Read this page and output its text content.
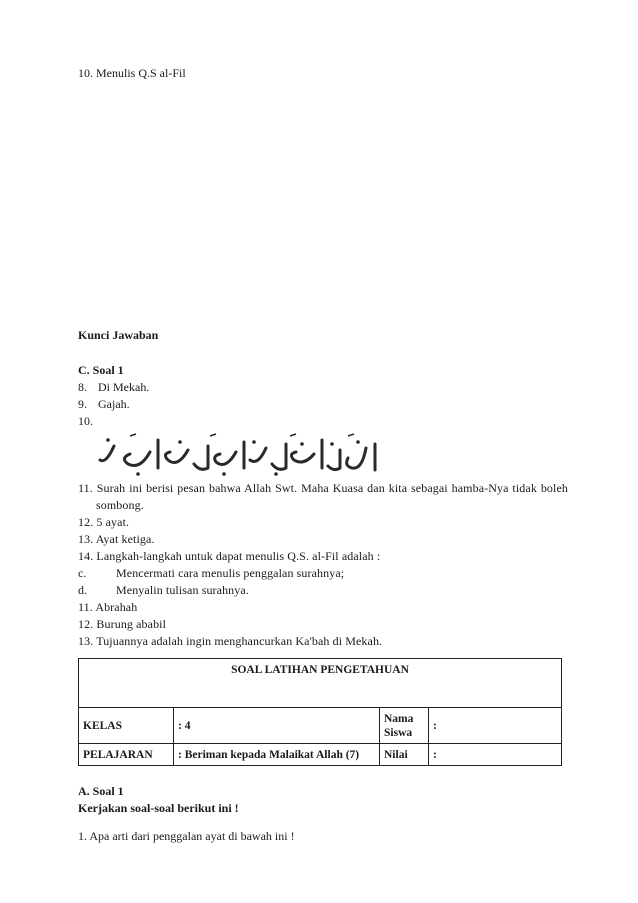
10. Menulis Q.S al-Fil
Kunci Jawaban
C. Soal 1
8. Di Mekah.
9. Gajah.
10.
11. Surah ini berisi pesan bahwa Allah Swt. Maha Kuasa dan kita sebagai hamba-Nya tidak boleh sombong.
12. 5 ayat.
13. Ayat ketiga.
14. Langkah-langkah untuk dapat menulis Q.S. al-Fil adalah :
c. Mencermati cara menulis penggalan surahnya;
d. Menyalin tulisan surahnya.
11. Abrahah
12. Burung ababil
13. Tujuannya adalah ingin menghancurkan Ka'bah di Mekah.
SOAL LATIHAN PENGETAHUAN			
KELAS	: 4	Nama Siswa	:
PELAJARAN	: Beriman kepada Malaikat Allah (7)	Nilai	:
A. Soal 1
Kerjakan soal-soal berikut ini !
1. Apa arti dari penggalan ayat di bawah ini !
